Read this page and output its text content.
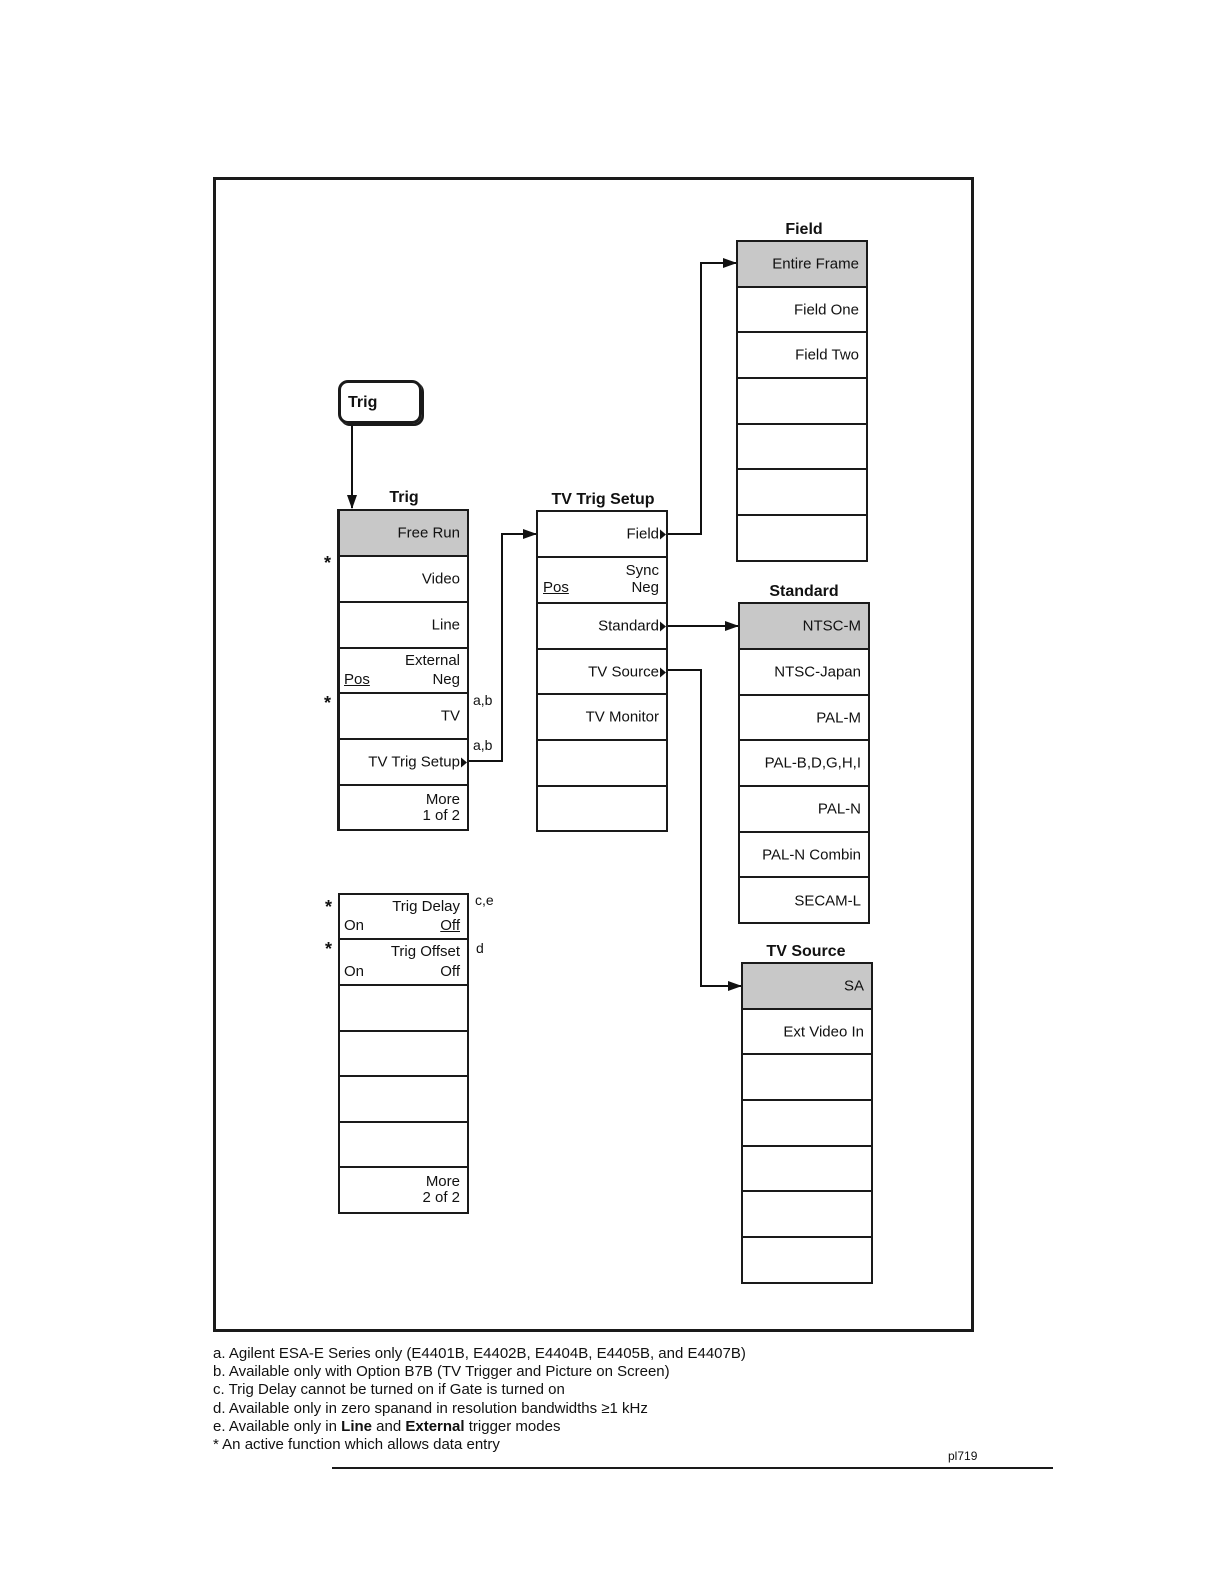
Trig
Trig
Free Run
Video
Line
External
Pos	Neg
TV
TV Trig Setup
More
1 of 2
*
*	a,b
a,b
Trig Delay
On	Off
Trig Offset
On	Off
More
2 of 2
*
*
c,e
d
TV Trig Setup
Field
Sync
Pos	Neg
Standard
TV Source
TV Monitor
Field
Entire Frame
Field One
Field Two
Standard
NTSC-M
NTSC-Japan
PAL-M
PAL-B,D,G,H,I
PAL-N
PAL-N Combin
SECAM-L
TV Source
SA
Ext Video In
a. Agilent ESA-E Series only (E4401B, E4402B, E4404B, E4405B, and E4407B)
b. Available only with Option B7B (TV Trigger and Picture on Screen)
c. Trig Delay cannot be turned on if Gate is turned on
d. Available only in zero spanand in resolution bandwidths ≥1 kHz
e. Available only in Line and External trigger modes
* An active function which allows data entry
pl719
